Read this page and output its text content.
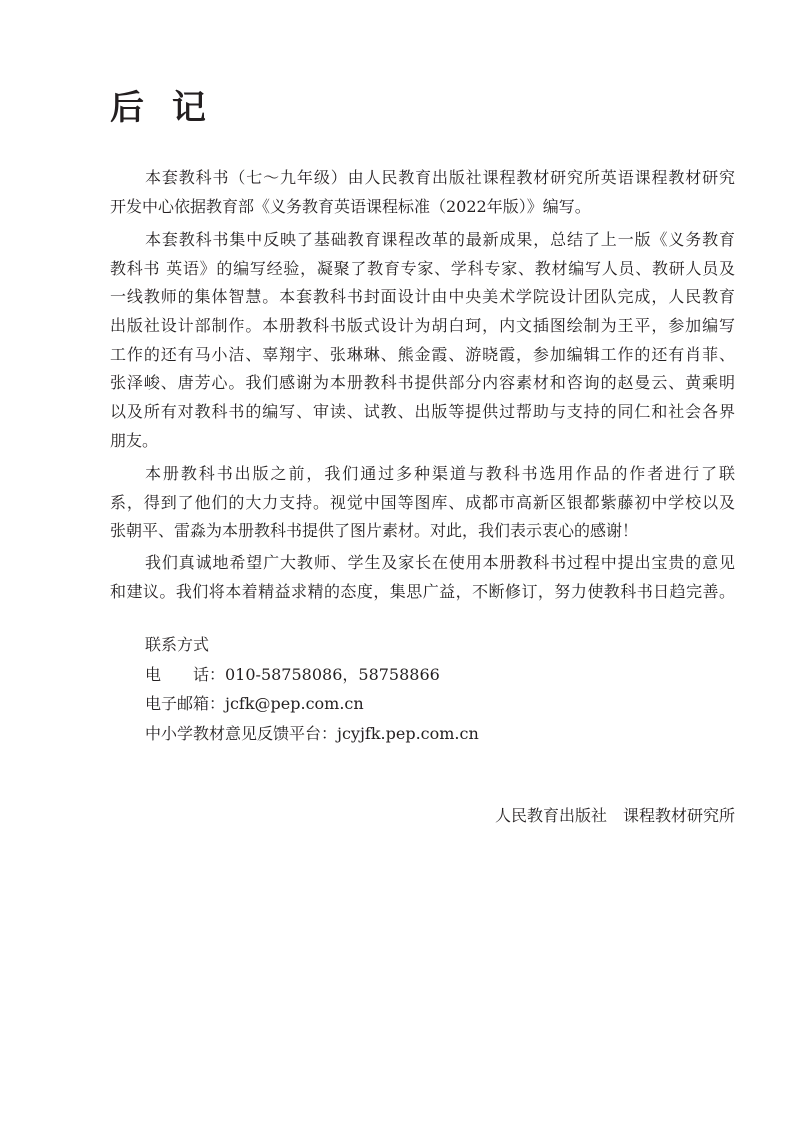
后 记
本套教科书（七～九年级）由人民教育出版社课程教材研究所英语课程教材研究
开发中心依据教育部《义务教育英语课程标准（2022年版）》编写。
本套教科书集中反映了基础教育课程改革的最新成果，总结了上一版《义务教育
教科书 英语》的编写经验，凝聚了教育专家、学科专家、教材编写人员、教研人员及
一线教师的集体智慧。本套教科书封面设计由中央美术学院设计团队完成，人民教育
出版社设计部制作。本册教科书版式设计为胡白珂，内文插图绘制为王平，参加编写
工作的还有马小洁、辜翔宇、张琳琳、熊金霞、游晓霞，参加编辑工作的还有肖菲、
张泽峻、唐芳心。我们感谢为本册教科书提供部分内容素材和咨询的赵曼云、黄乘明
以及所有对教科书的编写、审读、试教、出版等提供过帮助与支持的同仁和社会各界
朋友。
本册教科书出版之前，我们通过多种渠道与教科书选用作品的作者进行了联
系，得到了他们的大力支持。视觉中国等图库、成都市高新区银都紫藤初中学校以及
张朝平、雷淼为本册教科书提供了图片素材。对此，我们表示衷心的感谢！
我们真诚地希望广大教师、学生及家长在使用本册教科书过程中提出宝贵的意见
和建议。我们将本着精益求精的态度，集思广益，不断修订，努力使教科书日趋完善。
联系方式
电　　话：010-58758086，58758866
电子邮箱：jcfk@pep.com.cn
中小学教材意见反馈平台：jcyjfk.pep.com.cn
人民教育出版社　课程教材研究所
